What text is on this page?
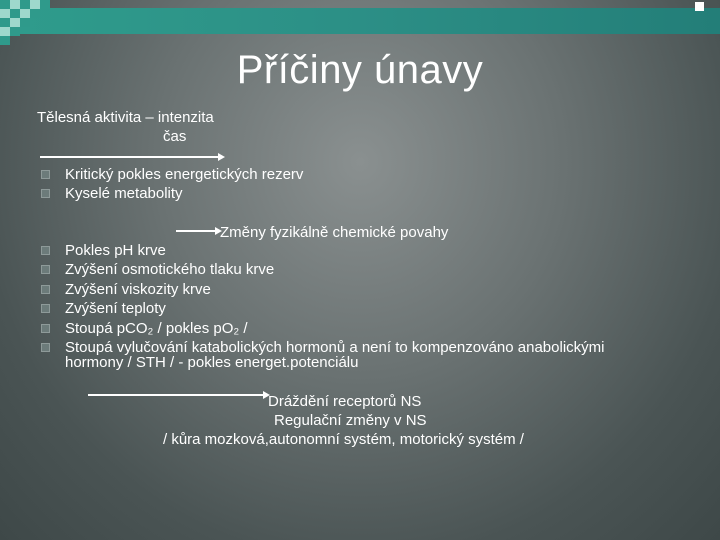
Příčiny únavy
Tělesná aktivita – intenzita
čas
Kritický pokles energetických rezerv
Kyselé metabolity
Změny fyzikálně chemické povahy
Pokles pH krve
Zvýšení osmotického tlaku krve
Zvýšení viskozity krve
Zvýšení teploty
Stoupá pCO₂ / pokles pO₂ /
Stoupá vylučování katabolických hormonů a není to kompenzováno anabolickými
hormony / STH / - pokles energet.potenciálu
Dráždění receptorů NS
Regulační změny v NS
/ kůra mozková,autonomní systém, motorický systém /
